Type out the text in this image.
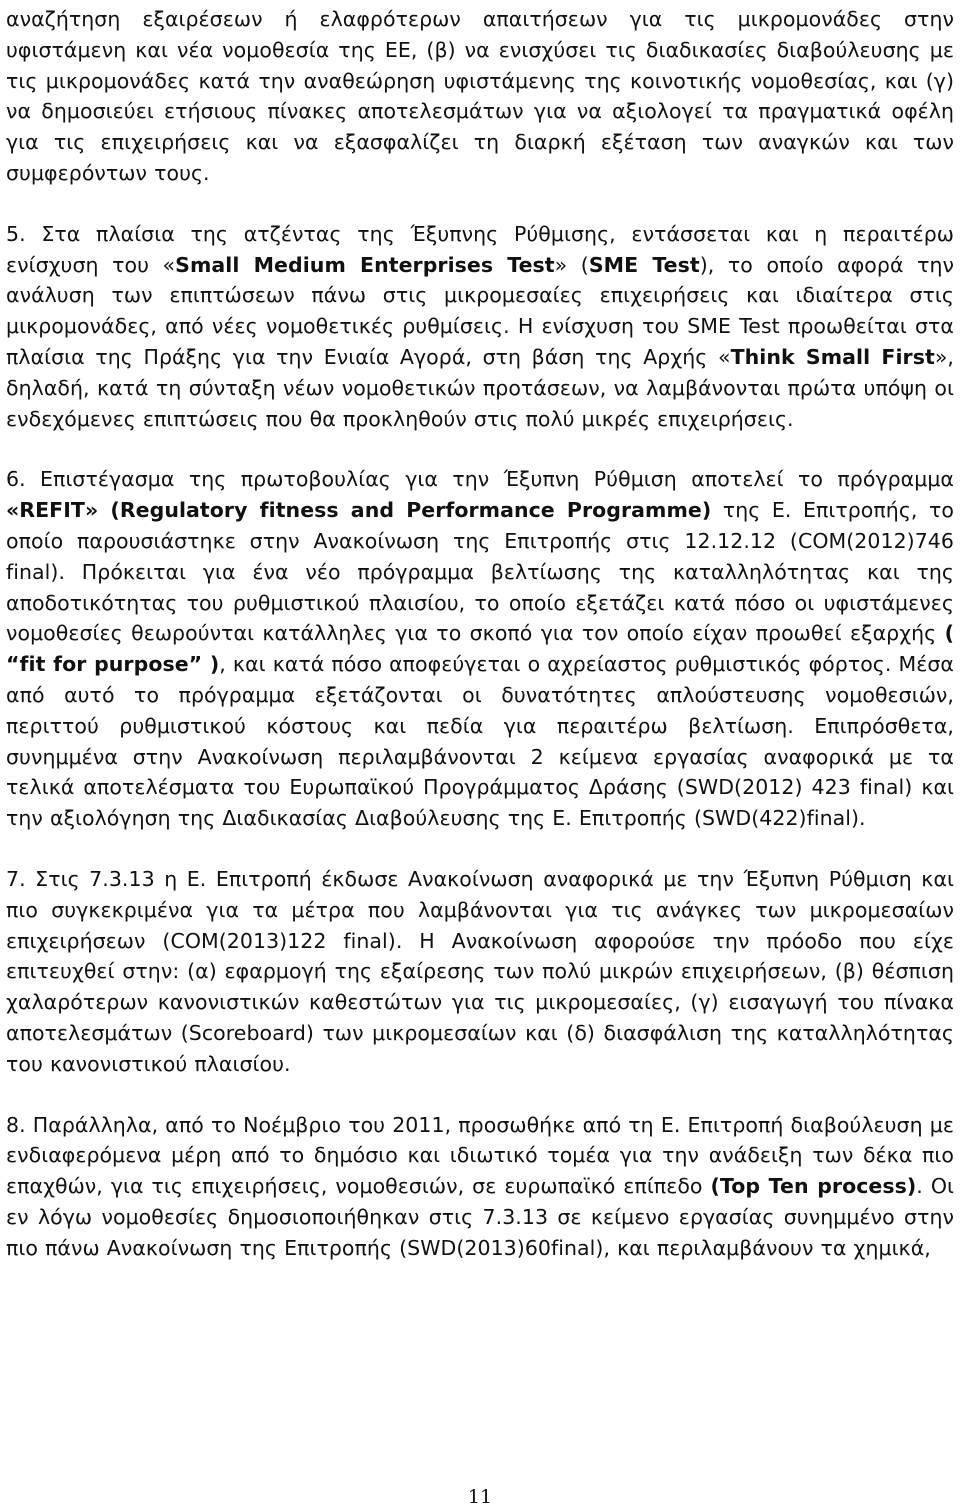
αναζήτηση εξαιρέσεων ή ελαφρότερων απαιτήσεων για τις μικρομονάδες στην υφιστάμενη και νέα νομοθεσία της ΕΕ, (β) να ενισχύσει τις διαδικασίες διαβούλευσης με τις μικρομονάδες κατά την αναθεώρηση υφιστάμενης της κοινοτικής νομοθεσίας, και (γ) να δημοσιεύει ετήσιους πίνακες αποτελεσμάτων για να αξιολογεί τα πραγματικά οφέλη για τις επιχειρήσεις και να εξασφαλίζει τη διαρκή εξέταση των αναγκών και των συμφερόντων τους.

5. Στα πλαίσια της ατζέντας της Έξυπνης Ρύθμισης, εντάσσεται και η περαιτέρω ενίσχυση του «Small Medium Enterprises Test» (SME Test), το οποίο αφορά την ανάλυση των επιπτώσεων πάνω στις μικρομεσαίες επιχειρήσεις και ιδιαίτερα στις μικρομονάδες, από νέες νομοθετικές ρυθμίσεις. Η ενίσχυση του SME Test προωθείται στα πλαίσια της Πράξης για την Ενιαία Αγορά, στη βάση της Αρχής «Think Small First», δηλαδή, κατά τη σύνταξη νέων νομοθετικών προτάσεων, να λαμβάνονται πρώτα υπόψη οι ενδεχόμενες επιπτώσεις που θα προκληθούν στις πολύ μικρές επιχειρήσεις.

6. Επιστέγασμα της πρωτοβουλίας για την Έξυπνη Ρύθμιση αποτελεί το πρόγραμμα «REFIT» (Regulatory fitness and Performance Programme) της Ε. Επιτροπής, το οποίο παρουσιάστηκε στην Ανακοίνωση της Επιτροπής στις 12.12.12 (COM(2012)746 final). Πρόκειται για ένα νέο πρόγραμμα βελτίωσης της καταλληλότητας και της αποδοτικότητας του ρυθμιστικού πλαισίου, το οποίο εξετάζει κατά πόσο οι υφιστάμενες νομοθεσίες θεωρούνται κατάλληλες για το σκοπό για τον οποίο είχαν προωθεί εξαρχής ( “fit for purpose” ), και κατά πόσο αποφεύγεται ο αχρείαστος ρυθμιστικός φόρτος. Μέσα από αυτό το πρόγραμμα εξετάζονται οι δυνατότητες απλούστευσης νομοθεσιών, περιττού ρυθμιστικού κόστους και πεδία για περαιτέρω βελτίωση. Επιπρόσθετα, συνημμένα στην Ανακοίνωση περιλαμβάνονται 2 κείμενα εργασίας αναφορικά με τα τελικά αποτελέσματα του Ευρωπαϊκού Προγράμματος Δράσης (SWD(2012) 423 final) και την αξιολόγηση της Διαδικασίας Διαβούλευσης της Ε. Επιτροπής (SWD(422)final).

7. Στις 7.3.13 η Ε. Επιτροπή έκδωσε Ανακοίνωση αναφορικά με την Έξυπνη Ρύθμιση και πιο συγκεκριμένα για τα μέτρα που λαμβάνονται για τις ανάγκες των μικρομεσαίων επιχειρήσεων (COM(2013)122 final). Η Ανακοίνωση αφορούσε την πρόοδο που είχε επιτευχθεί στην: (α) εφαρμογή της εξαίρεσης των πολύ μικρών επιχειρήσεων, (β) θέσπιση χαλαρότερων κανονιστικών καθεστώτων για τις μικρομεσαίες, (γ) εισαγωγή του πίνακα αποτελεσμάτων (Scoreboard) των μικρομεσαίων και (δ) διασφάλιση της καταλληλότητας του κανονιστικού πλαισίου.

8. Παράλληλα, από το Νοέμβριο του 2011, προσωθήκε από τη Ε. Επιτροπή διαβούλευση με ενδιαφερόμενα μέρη από το δημόσιο και ιδιωτικό τομέα για την ανάδειξη των δέκα πιο επαχθών, για τις επιχειρήσεις, νομοθεσιών, σε ευρωπαϊκό επίπεδο (Top Ten process). Οι εν λόγω νομοθεσίες δημοσιοποιήθηκαν στις 7.3.13 σε κείμενο εργασίας συνημμένο στην πιο πάνω Ανακοίνωση της Επιτροπής (SWD(2013)60final), και περιλαμβάνουν τα χημικά,

11
